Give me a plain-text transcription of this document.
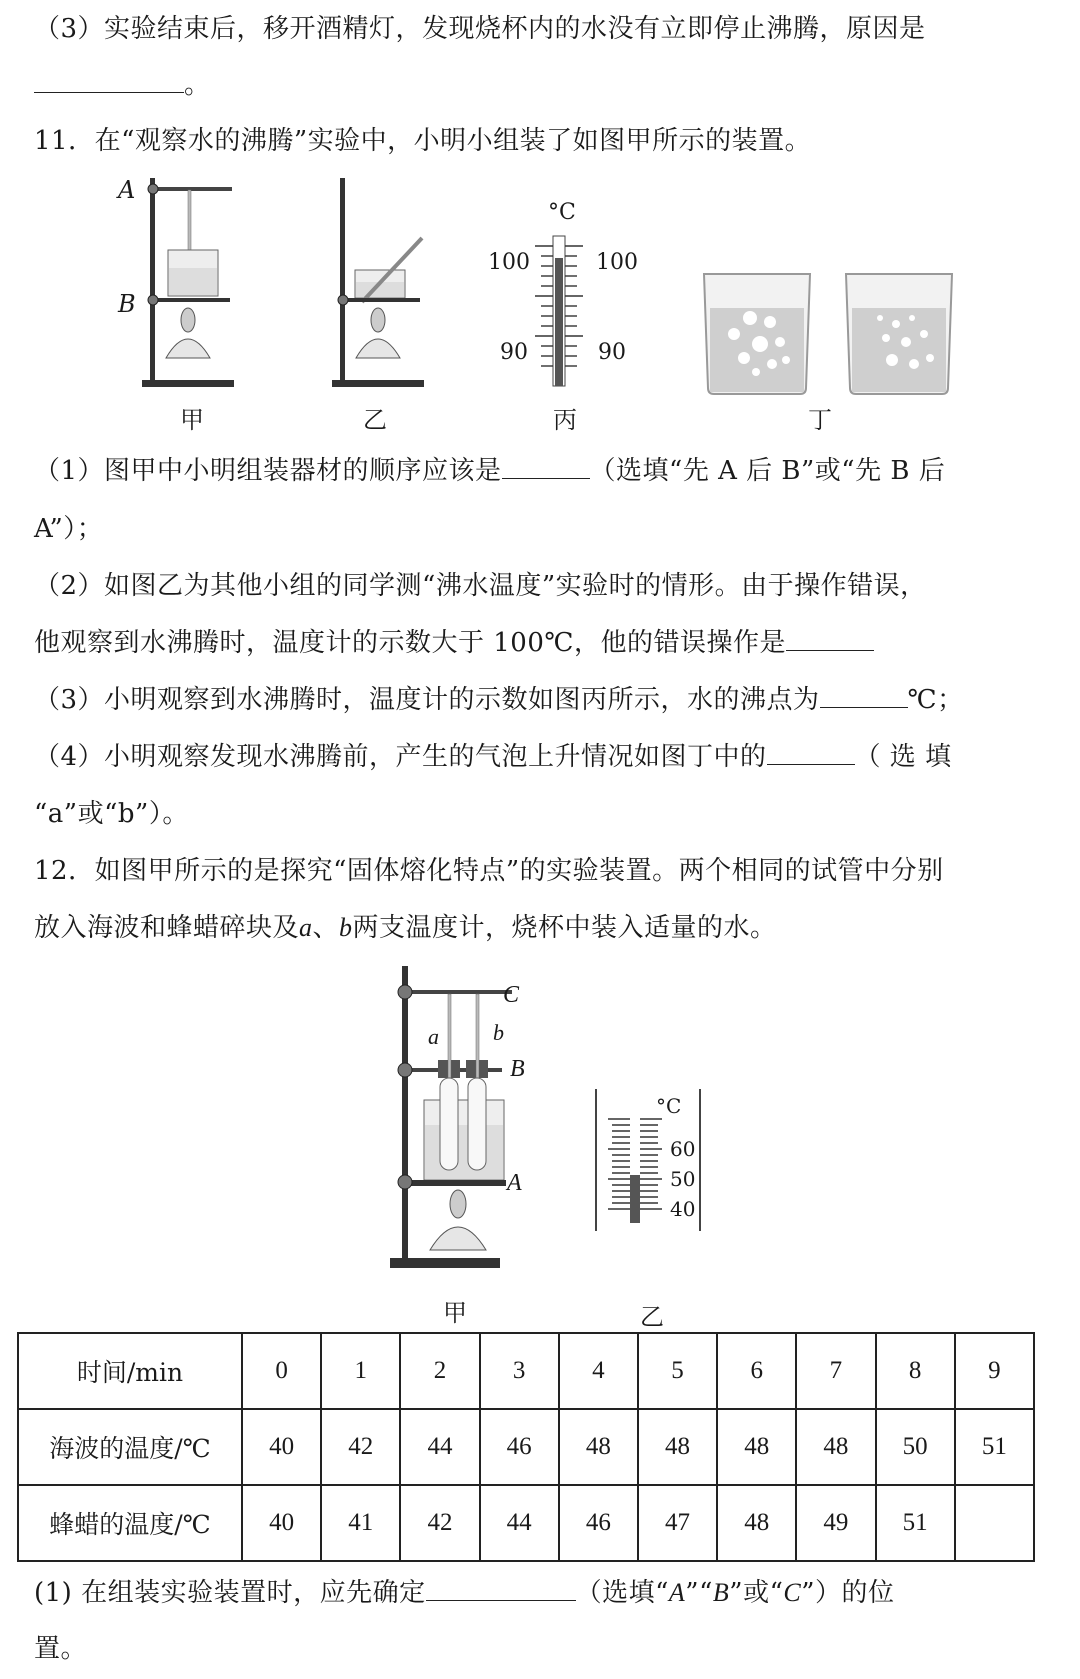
（3）实验结束后，移开酒精灯，发现烧杯内的水没有立即停止沸腾，原因是
。
11．在“观察水的沸腾”实验中，小明小组装了如图甲所示的装置。
A
B
°C
100	100
90	90
甲	乙	丙	丁
（1）图甲中小明组装器材的顺序应该是	（选填“先 A 后 B”或“先 B 后
A”）；
（2）如图乙为其他小组的同学测“沸水温度”实验时的情形。由于操作错误，
他观察到水沸腾时，温度计的示数大于 100℃，他的错误操作是
（3）小明观察到水沸腾时，温度计的示数如图丙所示，水的沸点为	℃；
（4）小明观察发现水沸腾前，产生的气泡上升情况如图丁中的	（ 选 填
“a”或“b”）。
12．如图甲所示的是探究“固体熔化特点”的实验装置。两个相同的试管中分别
放入海波和蜂蜡碎块及a、b两支温度计，烧杯中装入适量的水。
C
a b
B
A
°C
60
50
40
甲	乙
时间/min	0	1	2	3	4	5	6	7	8	9
海波的温度/℃	40	42	44	46	48	48	48	48	50	51
蜂蜡的温度/℃	40	41	42	44	46	47	48	49	51	
(1) 在组装实验装置时，应先确定	（选填“A”“B”或“C”）的位
置。
